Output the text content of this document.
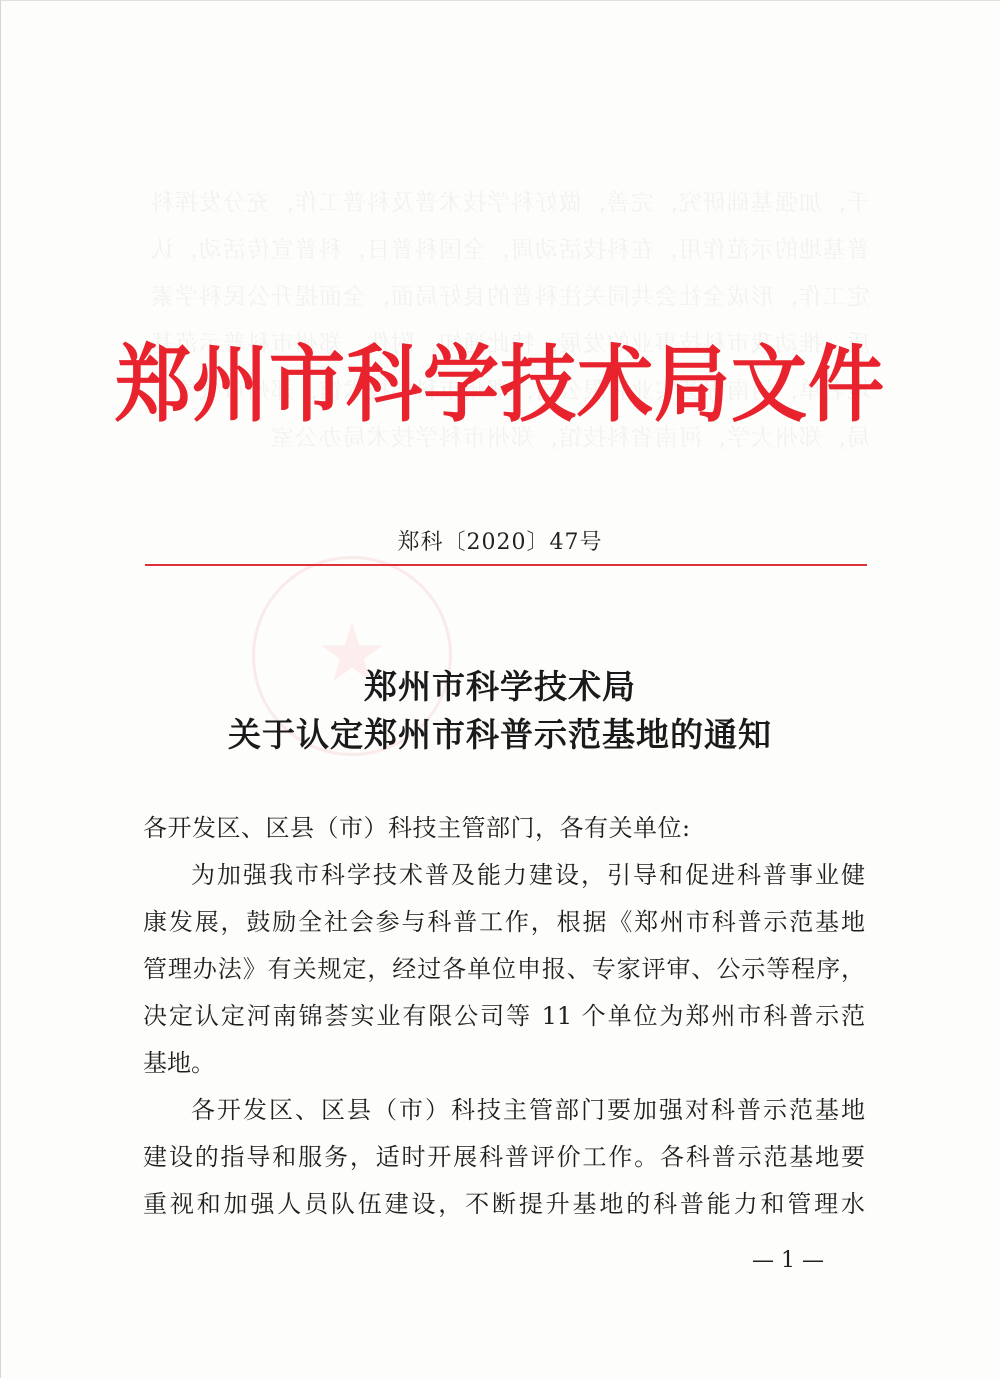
★
郑州市科学技术局文件
郑科〔2020〕47号
郑州市科学技术局
关于认定郑州市科普示范基地的通知
各开发区、区县（市）科技主管部门，各有关单位:
为加强我市科学技术普及能力建设，引导和促进科普事业健
康发展，鼓励全社会参与科普工作，根据《郑州市科普示范基地
管理办法》有关规定，经过各单位申报、专家评审、公示等程序，
决定认定河南锦荟实业有限公司等 11 个单位为郑州市科普示范
基地。
各开发区、区县（市）科技主管部门要加强对科普示范基地
建设的指导和服务，适时开展科普评价工作。各科普示范基地要
重视和加强人员队伍建设，不断提升基地的科普能力和管理水
— 1 —
